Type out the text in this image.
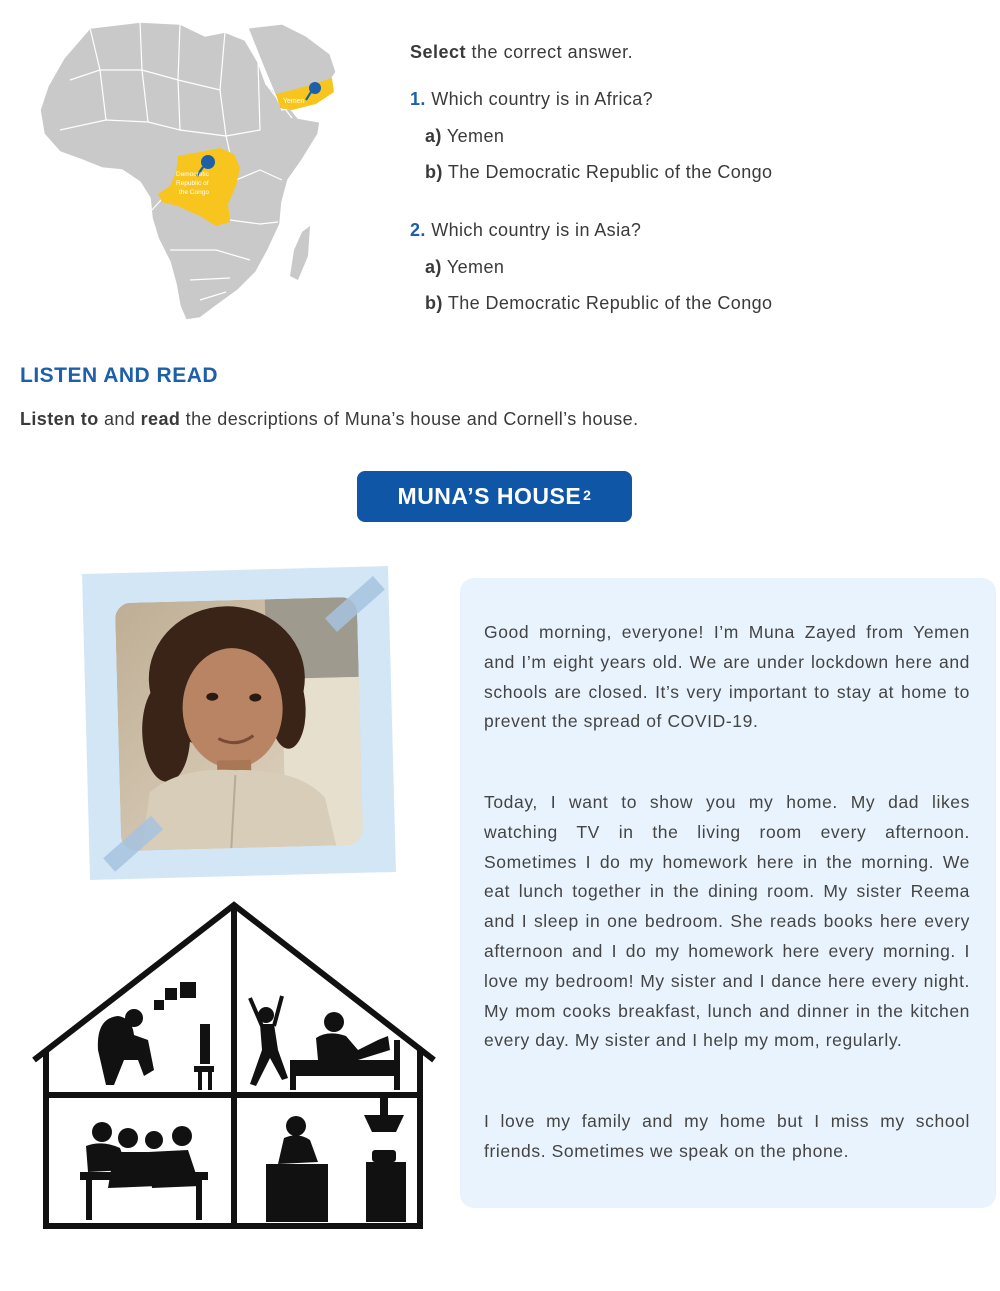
Yemen
Democratic
Republic of
the Congo
Select the correct answer.
1. Which country is in Africa?
a) Yemen
b) The Democratic Republic of the Congo
2. Which country is in Asia?
a) Yemen
b) The Democratic Republic of the Congo
LISTEN AND READ
Listen to and read the descriptions of Muna’s house and Cornell’s house.
MUNA’S HOUSE$^2$

Good morning, everyone! I’m Muna Zayed from Yemen and I’m eight years old. We are under lockdown here and schools are closed. It’s very important to stay at home to prevent the spread of COVID-19.

Today, I want to show you my home. My dad likes watching TV in the living room every afternoon. Sometimes I do my homework here in the morning. We eat lunch together in the dining room. My sister Reema and I sleep in one bedroom. She reads books here every afternoon and I do my homework here every morning. I love my bedroom! My sister and I dance here every night. My mom cooks breakfast, lunch and dinner in the kitchen every day. My sister and I help my mom, regularly.

I love my family and my home but I miss my school friends. Sometimes we speak on the phone.
